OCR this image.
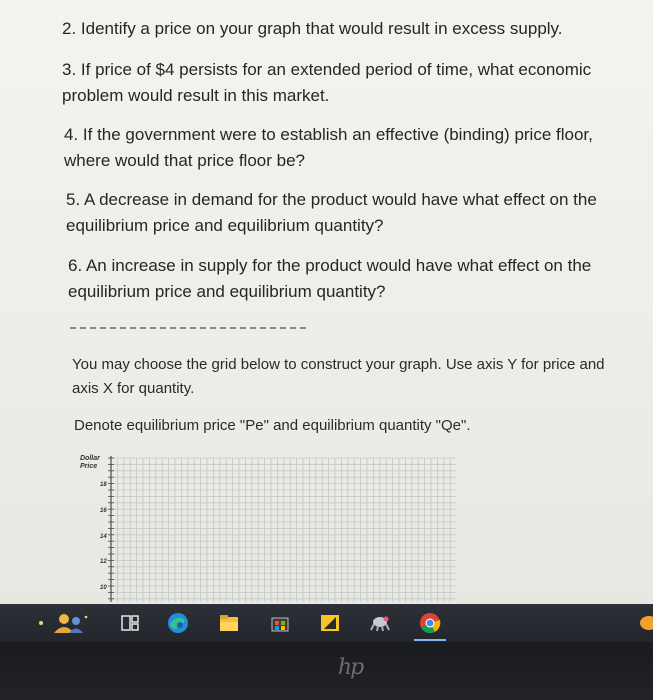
2. Identify a price on your graph that would result in excess supply.

3. If price of $4 persists for an extended period of time, what economic problem would result in this market.

4. If the government were to establish an effective (binding) price floor, where would that price floor be?

5. A decrease in demand for the product would have what effect on the equilibrium price and equilibrium quantity?

6. An increase in supply for the product would have what effect on the equilibrium price and equilibrium quantity?

You may choose the grid below to construct your graph. Use axis Y for price and axis X for quantity.

Denote equilibrium price "Pe" and equilibrium quantity "Qe".

Dollar
Price
18
16
14
12
10
ℎ𝑝
